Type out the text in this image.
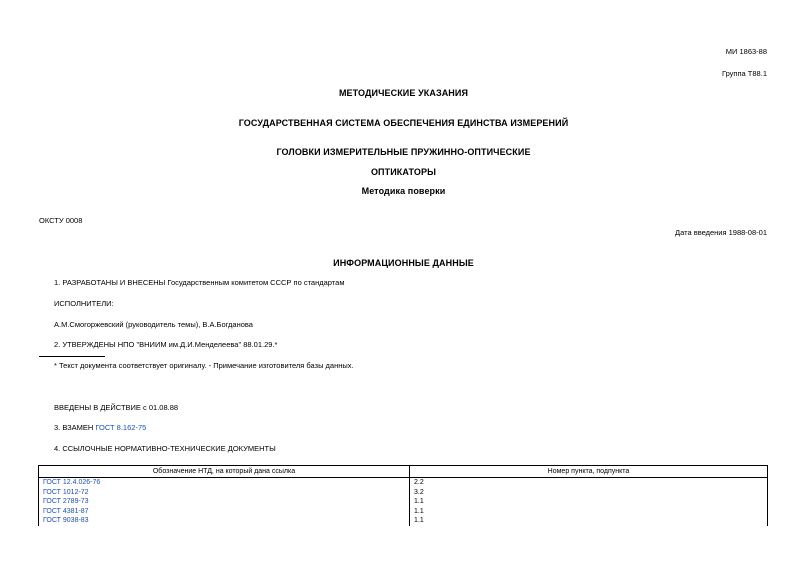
МИ 1863-88
Группа Т88.1
МЕТОДИЧЕСКИЕ УКАЗАНИЯ
ГОСУДАРСТВЕННАЯ СИСТЕМА ОБЕСПЕЧЕНИЯ ЕДИНСТВА ИЗМЕРЕНИЙ
ГОЛОВКИ ИЗМЕРИТЕЛЬНЫЕ ПРУЖИННО-ОПТИЧЕСКИЕ
ОПТИКАТОРЫ
Методика поверки
ОКСТУ 0008
Дата введения 1988-08-01
ИНФОРМАЦИОННЫЕ ДАННЫЕ
1. РАЗРАБОТАНЫ И ВНЕСЕНЫ Государственным комитетом СССР по стандартам
ИСПОЛНИТЕЛИ:
А.М.Смогоржевский (руководитель темы), В.А.Богданова
2. УТВЕРЖДЕНЫ НПО "ВНИИМ им.Д.И.Менделеева" 88.01.29.*
* Текст документа соответствует оригиналу. - Примечание изготовителя базы данных.
ВВЕДЕНЫ В ДЕЙСТВИЕ с 01.08.88
3. ВЗАМЕН ГОСТ 8.162-75
4. ССЫЛОЧНЫЕ НОРМАТИВНО-ТЕХНИЧЕСКИЕ ДОКУМЕНТЫ
Обозначение НТД, на который дана ссылка	Номер пункта, подпункта
ГОСТ 12.4.026-76	2.2
ГОСТ 1012-72	3.2
ГОСТ 2789-73	1.1
ГОСТ 4381-87	1.1
ГОСТ 9038-83	1.1
